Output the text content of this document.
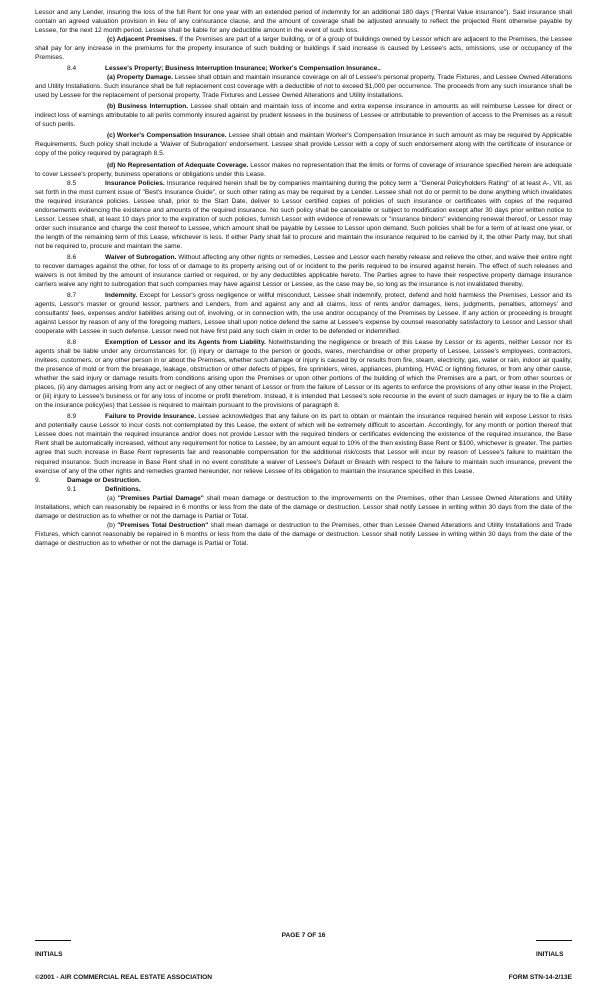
Lessor and any Lender, insuring the loss of the full Rent for one year with an extended period of indemnity for an additional 180 days ("Rental Value insurance"). Said insurance shall contain an agreed valuation provision in lieu of any coinsurance clause, and the amount of coverage shall be adjusted annually to reflect the projected Rent otherwise payable by Lessee, for the next 12 month period. Lessee shall be liable for any deductible amount in the event of such loss.

(c) Adjacent Premises. If the Premises are part of a larger building, or of a group of buildings owned by Lessor which are adjacent to the Premises, the Lessee shall pay for any increase in the premiums for the property insurance of such building or buildings if said increase is caused by Lessee's acts, omissions, use or occupancy of the Premises.

8.4	Lessee's Property; Business Interruption Insurance; Worker's Compensation Insurance..

(a) Property Damage. Lessee shall obtain and maintain insurance coverage on all of Lessee's personal property, Trade Fixtures, and Lessee Owned Alterations and Utility Installations. Such insurance shall be full replacement cost coverage with a deductible of not to exceed $1,000 per occurrence. The proceeds from any such insurance shall be used by Lessee for the replacement of personal property, Trade Fixtures and Lessee Owned Alterations and Utility Installations.

(b) Business Interruption. Lessee shall obtain and maintain loss of income and extra expense insurance in amounts as will reimburse Lessee for direct or indirect loss of earnings attributable to all perils commonly insured against by prudent lessees in the business of Lessee or attributable to prevention of access to the Premises as a result of such perils.

(c) Worker's Compensation Insurance. Lessee shall obtain and maintain Worker's Compensation Insurance in such amount as may be required by Applicable Requirements. Such policy shall include a 'Waiver of Subrogation' endorsement. Lessee shall provide Lessor with a copy of such endorsement along with the certificate of insurance or copy of the policy required by paragraph 8.5.

(d) No Representation of Adequate Coverage. Lessor makes no representation that the limits or forms of coverage of insurance specified herein are adequate to cover Lessee's property, business operations or obligations under this Lease.

8.5	Insurance Policies. Insurance required herein shall be by companies maintaining during the policy term a "General Policyholders Rating" of at least A-, VII, as set forth in the most current issue of "Best's Insurance Guide", or such other rating as may be required by a Lender. Lessee shall not do or permit to be done anything which invalidates the required insurance policies. Lessee shall, prior to the Start Date, deliver to Lessor certified copies of policies of such insurance or certificates with copies of the required endorsements evidencing the existence and amounts of the required insurance. No such policy shall be cancelable or subject to modification except after 30 days prior written notice to Lessor. Lessee shall, at least 10 days prior to the expiration of such policies, furnish Lessor with evidence of renewals or "insurance binders" evidencing renewal thereof, or Lessor may order such insurance and charge the cost thereof to Lessee, which amount shall be payable by Lessee to Lessor upon demand. Such policies shall be for a term of at least one year, or the length of the remaining term of this Lease, whichever is less. If either Party shall fail to procure and maintain the insurance required to be carried by it, the other Party may, but shall not be required to, procure and maintain the same.

8.6	Waiver of Subrogation. Without affecting any other rights or remedies, Lessee and Lessor each hereby release and relieve the other, and waive their entire right to recover damages against the other, for loss of or damage to its property arising out of or incident to the perils required to be insured against herein. The effect of such releases and waivers is not limited by the amount of insurance carried or required, or by any deductibles applicable hereto. The Parties agree to have their respective property damage insurance carriers waive any right to subrogation that such companies may have against Lessor or Lessee, as the case may be, so long as the insurance is not invalidated thereby.

8.7	Indemnity. Except for Lessor's gross negligence or willful misconduct, Lessee shall indemnify, protect, defend and hold harmless the Premises, Lessor and its agents, Lessor's master or ground lessor, partners and Lenders, from and against any and all claims, loss of rents and/or damages, liens, judgments, penalties, attorneys' and consultants' fees, expenses and/or liabilities arising out of, involving, or in connection with, the use and/or occupancy of the Premises by Lessee. If any action or proceeding is brought against Lessor by reason of any of the foregoing matters, Lessee shall upon notice defend the same at Lessee's expense by counsel reasonably satisfactory to Lessor and Lessor shall cooperate with Lessee in such defense. Lessor need not have first paid any such claim in order to be defended or indemnified.

8.8	Exemption of Lessor and its Agents from Liability. Notwithstanding the negligence or breach of this Lease by Lessor or its agents, neither Lessor nor its agents shall be liable under any circumstances for: (i) injury or damage to the person or goods, wares, merchandise or other property of Lessee, Lessee's employees, contractors, invitees, customers, or any other person in or about the Premises, whether such damage or injury is caused by or results from fire, steam, electricity, gas, water or rain, indoor air quality, the presence of mold or from the breakage, leakage, obstruction or other defects of pipes, fire sprinklers, wires, appliances, plumbing, HVAC or lighting fixtures, or from any other cause, whether the said injury or damage results from conditions arising upon the Premises or upon other portions of the building of which the Premises are a part, or from other sources or places, (ii) any damages arising from any act or neglect of any other tenant of Lessor or from the failure of Lessor or its agents to enforce the provisions of any other lease in the Project, or (iii) injury to Lessee's business or for any loss of income or profit therefrom. Instead, it is intended that Lessee's sole recourse in the event of such damages or injury be to file a claim on the insurance policy(ies) that Lessee is required to maintain pursuant to the provisions of paragraph 8.

8.9	Failure to Provide Insurance. Lessee acknowledges that any failure on its part to obtain or maintain the insurance required herein will expose Lessor to risks and potentially cause Lessor to incur costs not contemplated by this Lease, the extent of which will be extremely difficult to ascertain. Accordingly, for any month or portion thereof that Lessee does not maintain the required insurance and/or does not provide Lessor with the required binders or certificates evidencing the existence of the required insurance, the Base Rent shall be automatically increased, without any requirement for notice to Lessee, by an amount equal to 10% of the then existing Base Rent or $100, whichever is greater. The parties agree that such increase in Base Rent represents fair and reasonable compensation for the additional risk/costs that Lessor will incur by reason of Lessee's failure to maintain the required insurance. Such increase in Base Rent shall in no event constitute a waiver of Lessee's Default or Breach with respect to the failure to maintain such insurance, prevent the exercise of any of the other rights and remedies granted hereunder, nor relieve Lessee of its obligation to maintain the insurance specified in this Lease.

9.	Damage or Destruction.

9.1	Definitions.

(a) "Premises Partial Damage" shall mean damage or destruction to the improvements on the Premises, other than Lessee Owned Alterations and Utility Installations, which can reasonably be repaired in 6 months or less from the date of the damage or destruction. Lessor shall notify Lessee in writing within 30 days from the date of the damage or destruction as to whether or not the damage is Partial or Total.

(b) "Premises Total Destruction" shall mean damage or destruction to the Premises, other than Lessee Owned Alterations and Utility Installations and Trade Fixtures, which cannot reasonably be repaired in 6 months or less from the date of the damage or destruction. Lessor shall notify Lessee in writing within 30 days from the date of the damage or destruction as to whether or not the damage is Partial or Total.

INITIALS
PAGE 7 OF 16
INITIALS
©2001 - AIR COMMERCIAL REAL ESTATE ASSOCIATION	FORM STN-14-2/13E
